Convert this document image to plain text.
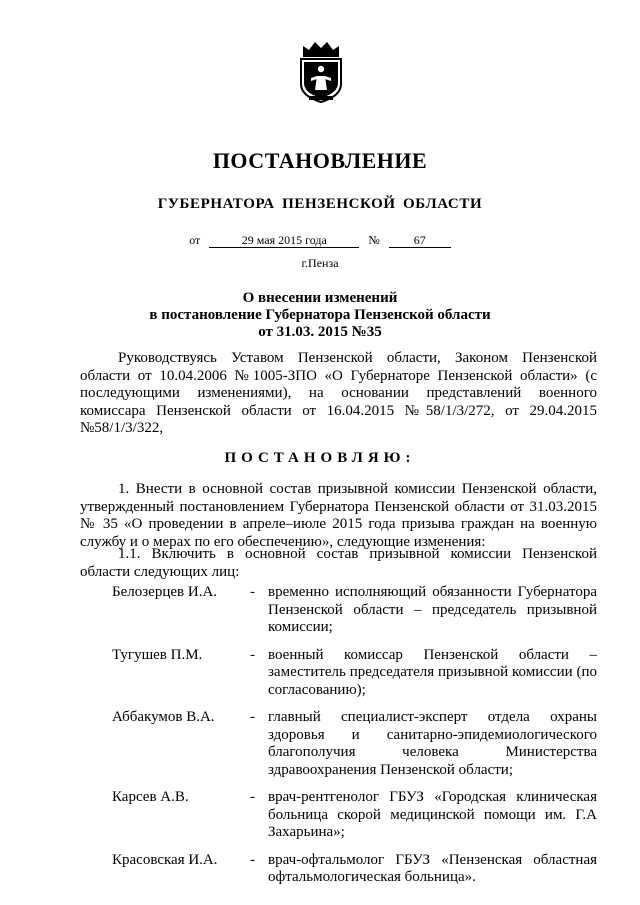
ПОСТАНОВЛЕНИЕ
ГУБЕРНАТОРА ПЕНЗЕНСКОЙ ОБЛАСТИ
от	29 мая 2015 года	№	67
г.Пенза
О внесении изменений
в постановление Губернатора Пензенской области
от 31.03. 2015 №35
Руководствуясь Уставом Пензенской области, Законом Пензенской области от 10.04.2006 №1005-ЗПО «О Губернаторе Пензенской области» (с последующими изменениями), на основании представлений военного комиссара Пензенской области от 16.04.2015 №58/1/3/272, от 29.04.2015 №58/1/3/322,
ПОСТАНОВЛЯЮ:
1. Внести в основной состав призывной комиссии Пензенской области, утвержденный постановлением Губернатора Пензенской области от 31.03.2015 № 35 «О проведении в апреле–июле 2015 года призыва граждан на военную службу и о мерах по его обеспечению», следующие изменения:
1.1. Включить в основной состав призывной комиссии Пензенской области следующих лиц:
Белозерцев И.А.	- временно исполняющий обязанности Губернатора Пензенской области – председатель призывной комиссии;
Тугушев П.М.	- военный комиссар Пензенской области – заместитель председателя призывной комиссии (по согласованию);
Аббакумов В.А.	- главный специалист-эксперт отдела охраны здоровья и санитарно-эпидемиологического благополучия человека Министерства здравоохранения Пензенской области;
Карсев А.В.	- врач-рентгенолог ГБУЗ «Городская клиническая больница скорой медицинской помощи им. Г.А Захарьина»;
Красовская И.А.	- врач-офтальмолог ГБУЗ «Пензенская областная офтальмологическая больница».
